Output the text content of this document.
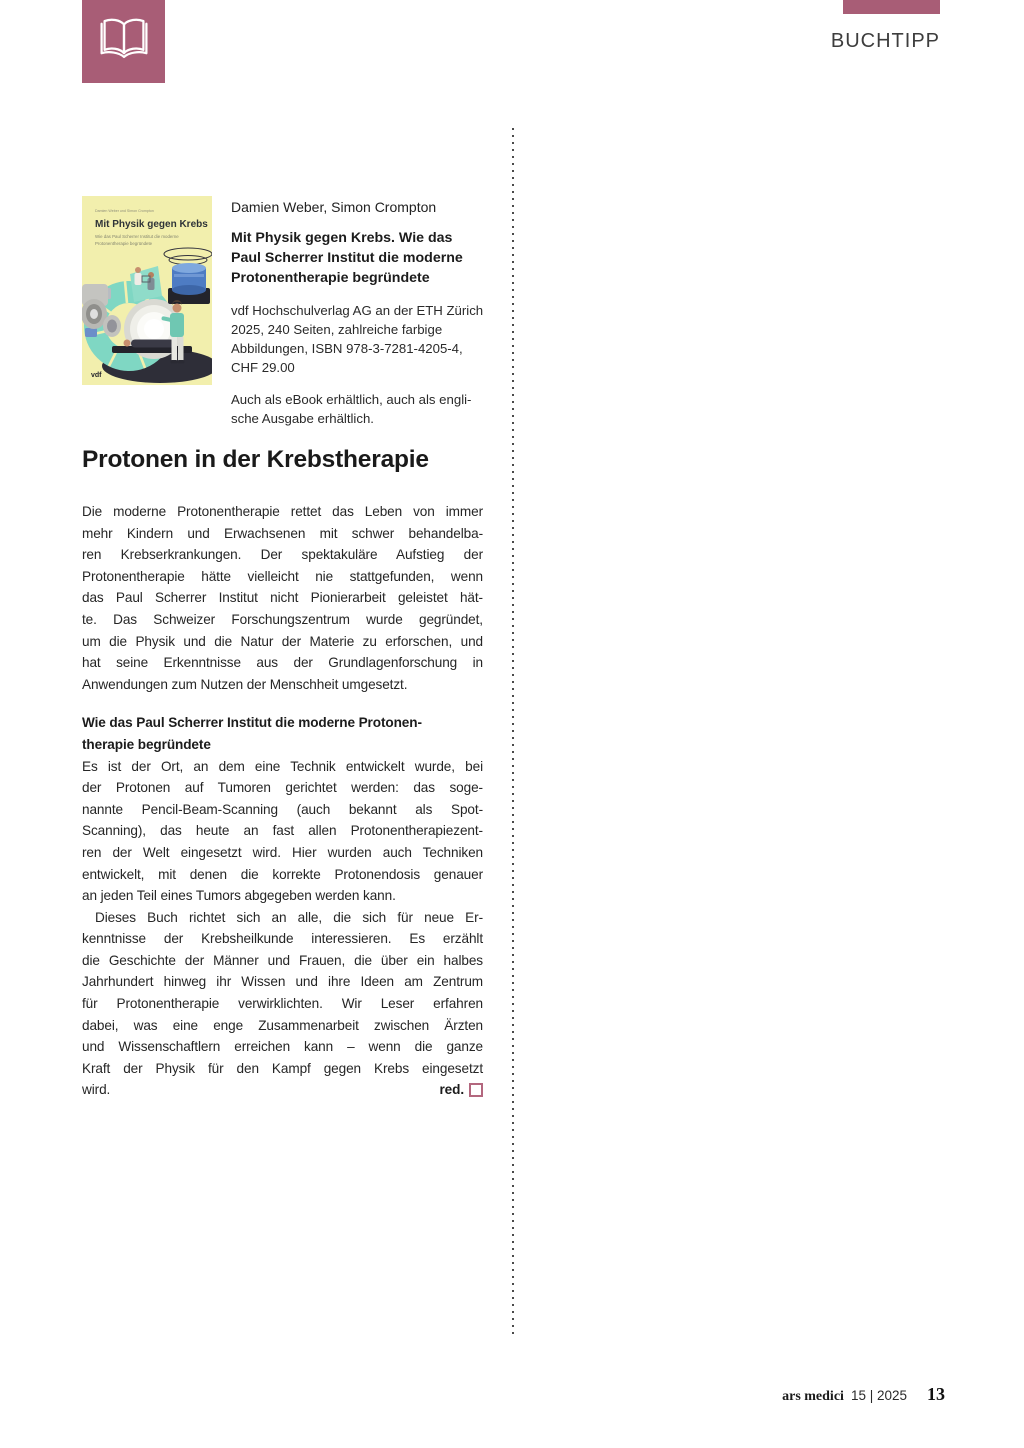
BUCHTIPP
Damien Weber und Simon Crompton
Mit Physik gegen Krebs
Wie das Paul Scherrer Institut die moderne
Protonentherapie begründete
vdf
Damien Weber, Simon Crompton
Mit Physik gegen Krebs. Wie das
Paul Scherrer Institut die moderne
Protonentherapie begründete
vdf Hochschulverlag AG an der ETH Zürich
2025, 240 Seiten, zahlreiche farbige
Abbildungen, ISBN 978-3-7281-4205-4,
CHF 29.00
Auch als eBook erhältlich, auch als engli-
sche Ausgabe erhältlich.
Protonen in der Krebstherapie
Die moderne Protonentherapie rettet das Leben von immer
mehr Kindern und Erwachsenen mit schwer behandelba-
ren Krebserkrankungen. Der spektakuläre Aufstieg der
Protonentherapie hätte vielleicht nie stattgefunden, wenn
das Paul Scherrer Institut nicht Pionierarbeit geleistet hät-
te. Das Schweizer Forschungszentrum wurde gegründet,
um die Physik und die Natur der Materie zu erforschen, und
hat seine Erkenntnisse aus der Grundlagenforschung in
Anwendungen zum Nutzen der Menschheit umgesetzt.
Wie das Paul Scherrer Institut die moderne Protonen-
therapie begründete
Es ist der Ort, an dem eine Technik entwickelt wurde, bei
der Protonen auf Tumoren gerichtet werden: das soge-
nannte Pencil-Beam-Scanning (auch bekannt als Spot-
Scanning), das heute an fast allen Protonentherapiezent-
ren der Welt eingesetzt wird. Hier wurden auch Techniken
entwickelt, mit denen die korrekte Protonendosis genauer
an jeden Teil eines Tumors abgegeben werden kann.
Dieses Buch richtet sich an alle, die sich für neue Er-
kenntnisse der Krebsheilkunde interessieren. Es erzählt
die Geschichte der Männer und Frauen, die über ein halbes
Jahrhundert hinweg ihr Wissen und ihre Ideen am Zentrum
für Protonentherapie verwirklichten. Wir Leser erfahren
dabei, was eine enge Zusammenarbeit zwischen Ärzten
und Wissenschaftlern erreichen kann – wenn die ganze
Kraft der Physik für den Kampf gegen Krebs eingesetzt
wird.	red.
ars medici 15 | 2025 13
